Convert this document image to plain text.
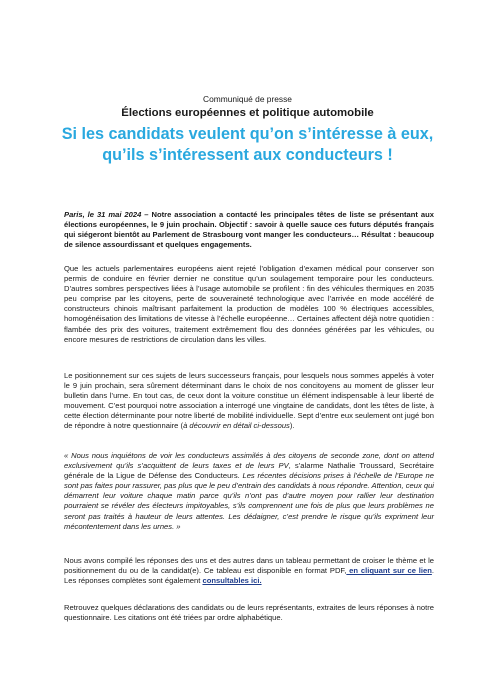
Communiqué de presse
Élections européennes et politique automobile
Si les candidats veulent qu’on s’intéresse à eux,
qu’ils s’intéressent aux conducteurs !
Paris, le 31 mai 2024 – Notre association a contacté les principales têtes de liste se présentant aux élections européennes, le 9 juin prochain. Objectif : savoir à quelle sauce ces futurs députés français qui siégeront bientôt au Parlement de Strasbourg vont manger les conducteurs… Résultat : beaucoup de silence assourdissant et quelques engagements.
Que les actuels parlementaires européens aient rejeté l’obligation d’examen médical pour conserver son permis de conduire en février dernier ne constitue qu’un soulagement temporaire pour les conducteurs. D’autres sombres perspectives liées à l’usage automobile se profilent : fin des véhicules thermiques en 2035 peu comprise par les citoyens, perte de souveraineté technologique avec l’arrivée en mode accéléré de constructeurs chinois maîtrisant parfaitement la production de modèles 100 % électriques accessibles, homogénéisation des limitations de vitesse à l’échelle européenne… Certaines affectent déjà notre quotidien : flambée des prix des voitures, traitement extrêmement flou des données générées par les véhicules, ou encore mesures de restrictions de circulation dans les villes.
Le positionnement sur ces sujets de leurs successeurs français, pour lesquels nous sommes appelés à voter le 9 juin prochain, sera sûrement déterminant dans le choix de nos concitoyens au moment de glisser leur bulletin dans l’urne. En tout cas, de ceux dont la voiture constitue un élément indispensable à leur liberté de mouvement. C’est pourquoi notre association a interrogé une vingtaine de candidats, dont les têtes de liste, à cette élection déterminante pour notre liberté de mobilité individuelle. Sept d’entre eux seulement ont jugé bon de répondre à notre questionnaire (à découvrir en détail ci-dessous).
« Nous nous inquiétons de voir les conducteurs assimilés à des citoyens de seconde zone, dont on attend exclusivement qu’ils s’acquittent de leurs taxes et de leurs PV, s’alarme Nathalie Troussard, Secrétaire générale de la Ligue de Défense des Conducteurs. Les récentes décisions prises à l’échelle de l’Europe ne sont pas faites pour rassurer, pas plus que le peu d’entrain des candidats à nous répondre. Attention, ceux qui démarrent leur voiture chaque matin parce qu’ils n’ont pas d’autre moyen pour rallier leur destination pourraient se révéler des électeurs impitoyables, s’ils comprennent une fois de plus que leurs problèmes ne seront pas traités à hauteur de leurs attentes. Les dédaigner, c’est prendre le risque qu’ils expriment leur mécontentement dans les urnes. »
Nous avons compilé les réponses des uns et des autres dans un tableau permettant de croiser le thème et le positionnement du ou de la candidat(e). Ce tableau est disponible en format PDF, en cliquant sur ce lien. Les réponses complètes sont également consultables ici.
Retrouvez quelques déclarations des candidats ou de leurs représentants, extraites de leurs réponses à notre questionnaire. Les citations ont été triées par ordre alphabétique.
